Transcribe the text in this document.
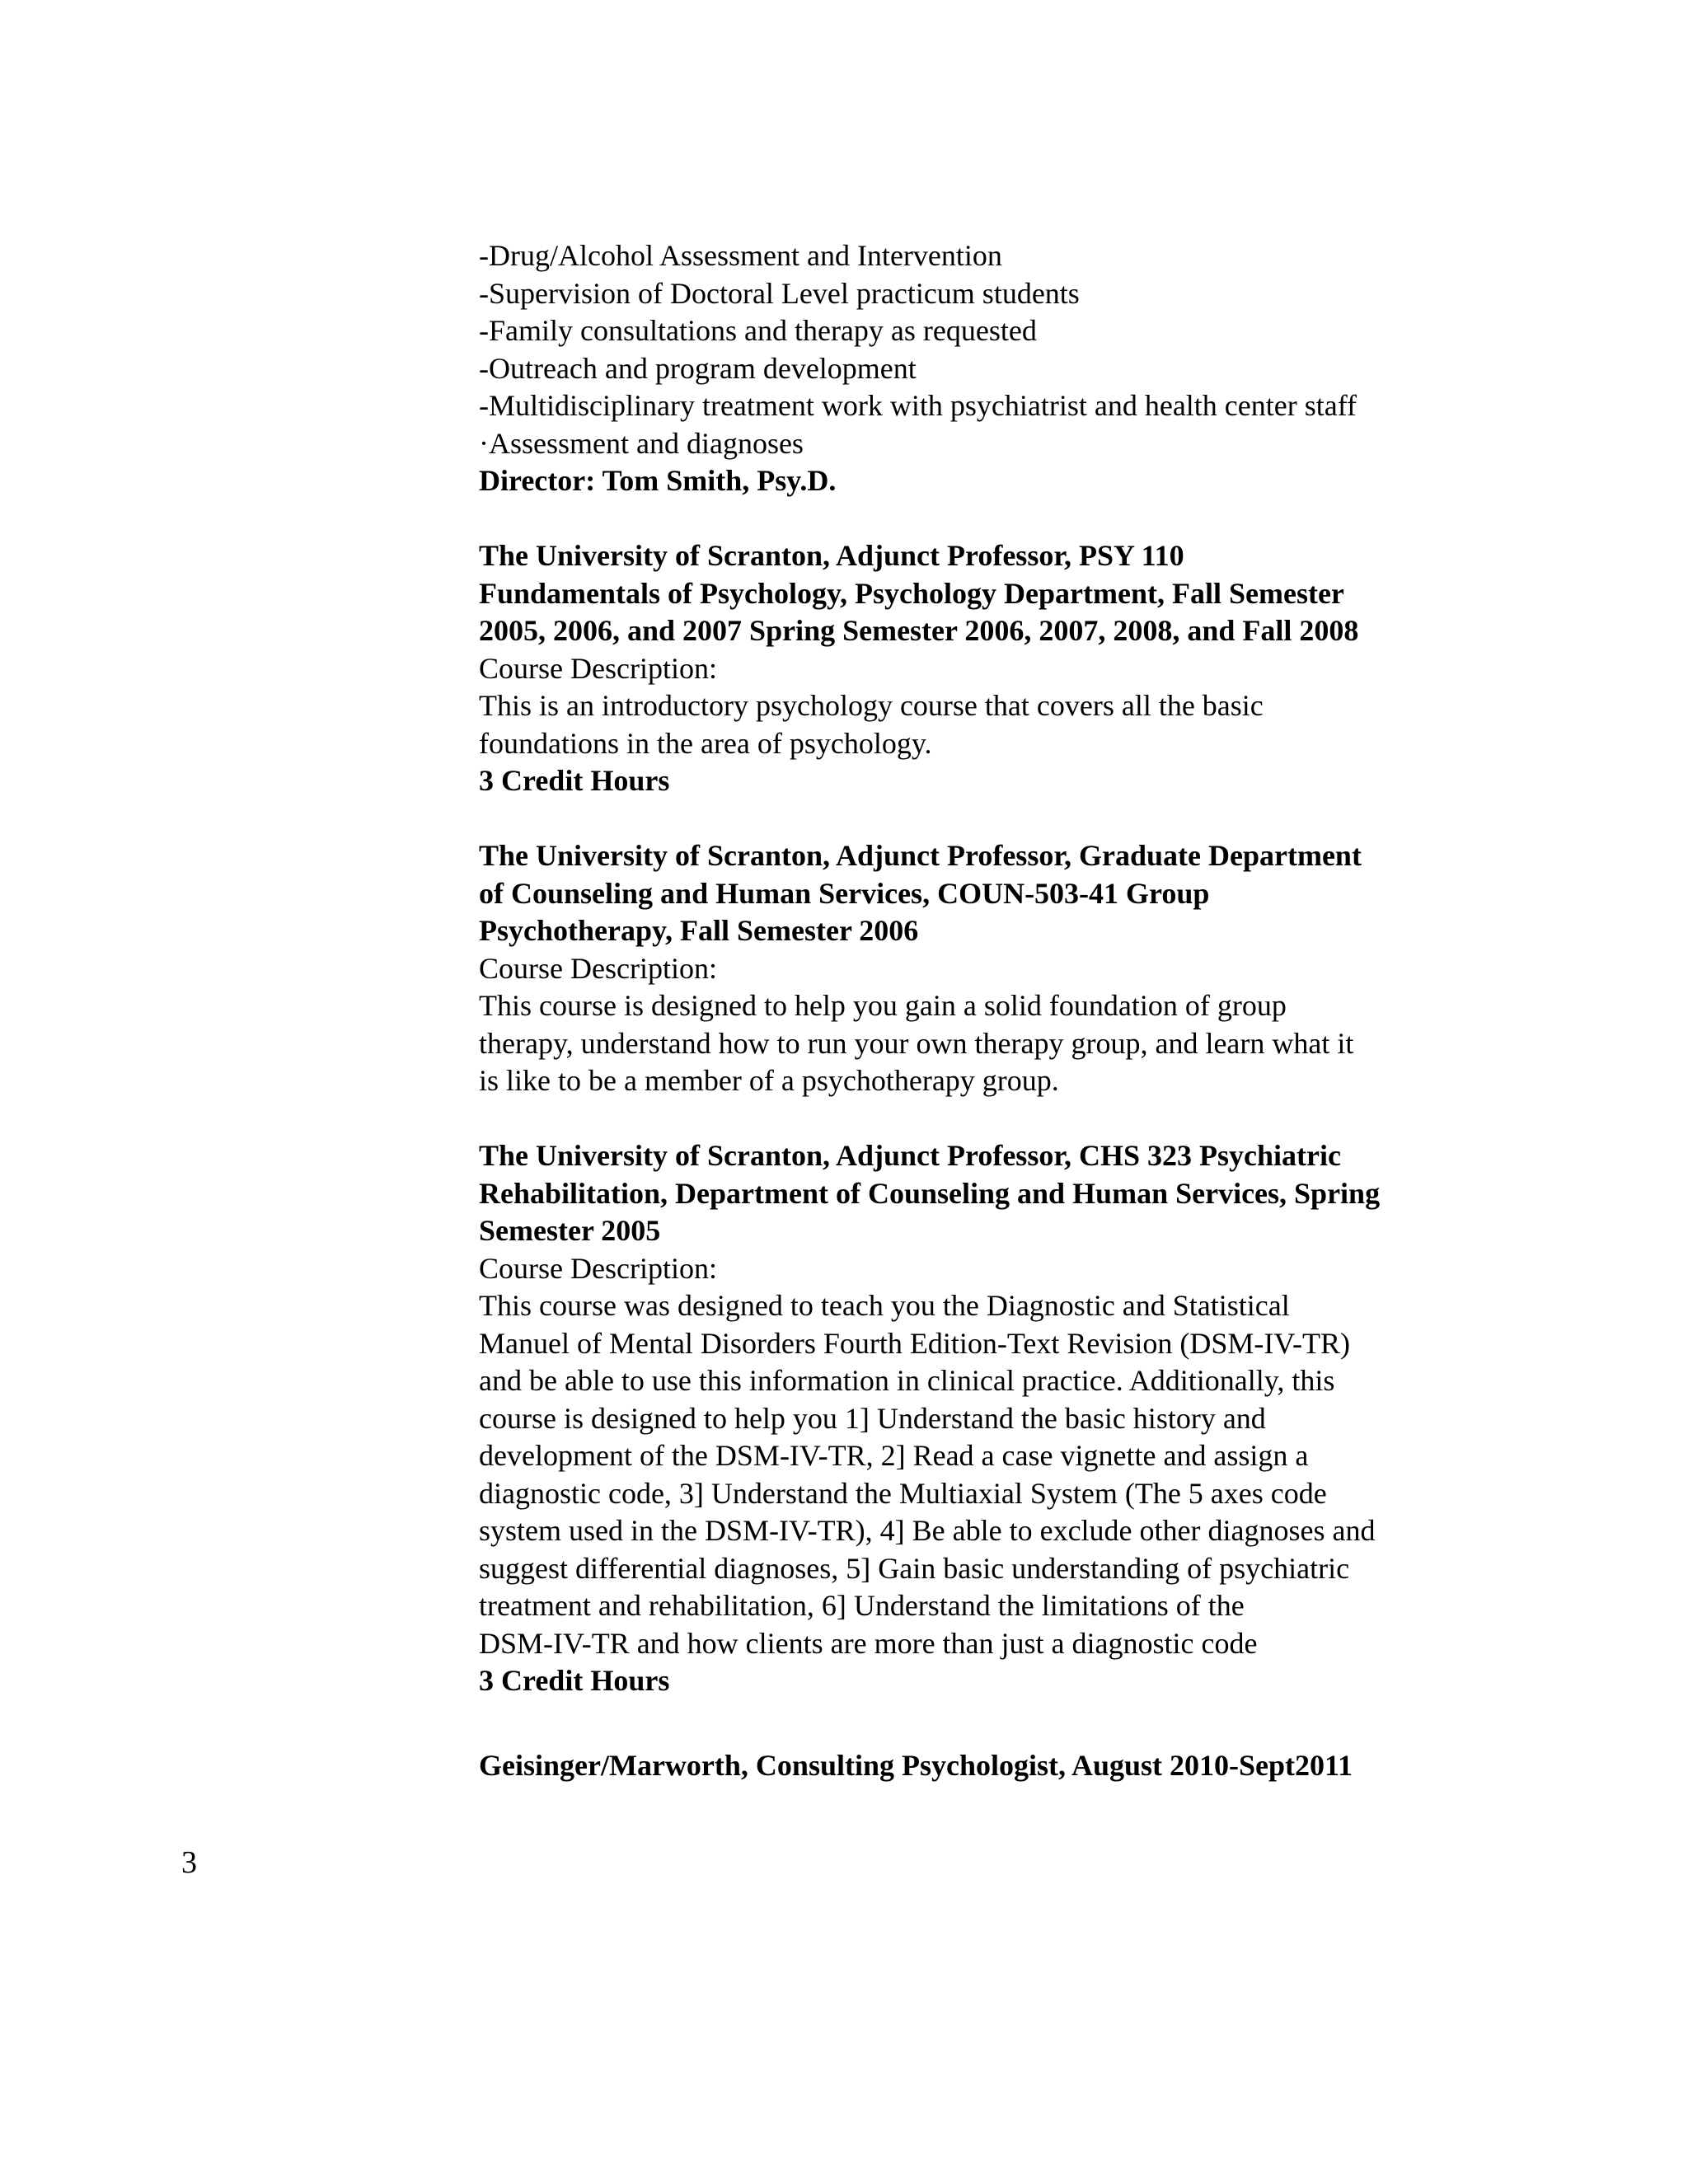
-Drug/Alcohol Assessment and Intervention
-Supervision of Doctoral Level practicum students
-Family consultations and therapy as requested
-Outreach and program development
-Multidisciplinary treatment work with psychiatrist and health center staff
·Assessment and diagnoses
Director: Tom Smith, Psy.D.
The University of Scranton, Adjunct Professor, PSY 110
Fundamentals of Psychology, Psychology Department, Fall Semester
2005, 2006, and 2007 Spring Semester 2006, 2007, 2008, and Fall 2008
Course Description:
This is an introductory psychology course that covers all the basic
foundations in the area of psychology.
3 Credit Hours
The University of Scranton, Adjunct Professor, Graduate Department
of Counseling and Human Services, COUN-503-41 Group
Psychotherapy, Fall Semester 2006
Course Description:
This course is designed to help you gain a solid foundation of group
therapy, understand how to run your own therapy group, and learn what it
is like to be a member of a psychotherapy group.
The University of Scranton, Adjunct Professor, CHS 323 Psychiatric
Rehabilitation, Department of Counseling and Human Services, Spring
Semester 2005
Course Description:
This course was designed to teach you the Diagnostic and Statistical
Manuel of Mental Disorders Fourth Edition-Text Revision (DSM-IV-TR)
and be able to use this information in clinical practice. Additionally, this
course is designed to help you 1] Understand the basic history and
development of the DSM-IV-TR, 2] Read a case vignette and assign a
diagnostic code, 3] Understand the Multiaxial System (The 5 axes code
system used in the DSM-IV-TR), 4] Be able to exclude other diagnoses and
suggest differential diagnoses, 5] Gain basic understanding of psychiatric
treatment and rehabilitation, 6] Understand the limitations of the
DSM-IV-TR and how clients are more than just a diagnostic code
3 Credit Hours
Geisinger/Marworth, Consulting Psychologist, August 2010-Sept2011
3
